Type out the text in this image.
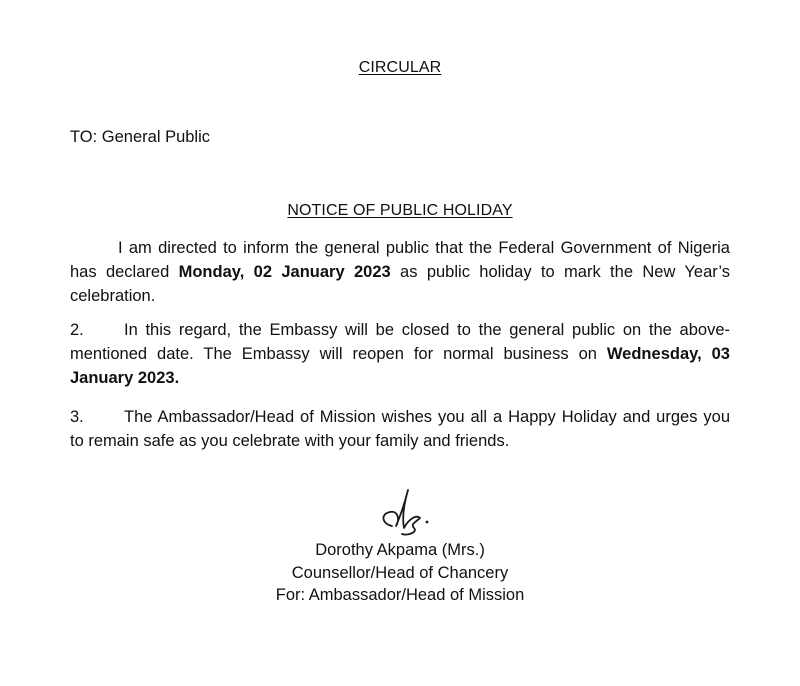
CIRCULAR
TO: General Public
NOTICE OF PUBLIC HOLIDAY
I am directed to inform the general public that the Federal Government of Nigeria has declared Monday, 02 January 2023 as public holiday to mark the New Year’s celebration.
2. In this regard, the Embassy will be closed to the general public on the above-mentioned date. The Embassy will reopen for normal business on Wednesday, 03 January 2023.
3. The Ambassador/Head of Mission wishes you all a Happy Holiday and urges you to remain safe as you celebrate with your family and friends.
Dorothy Akpama (Mrs.)
Counsellor/Head of Chancery
For: Ambassador/Head of Mission
